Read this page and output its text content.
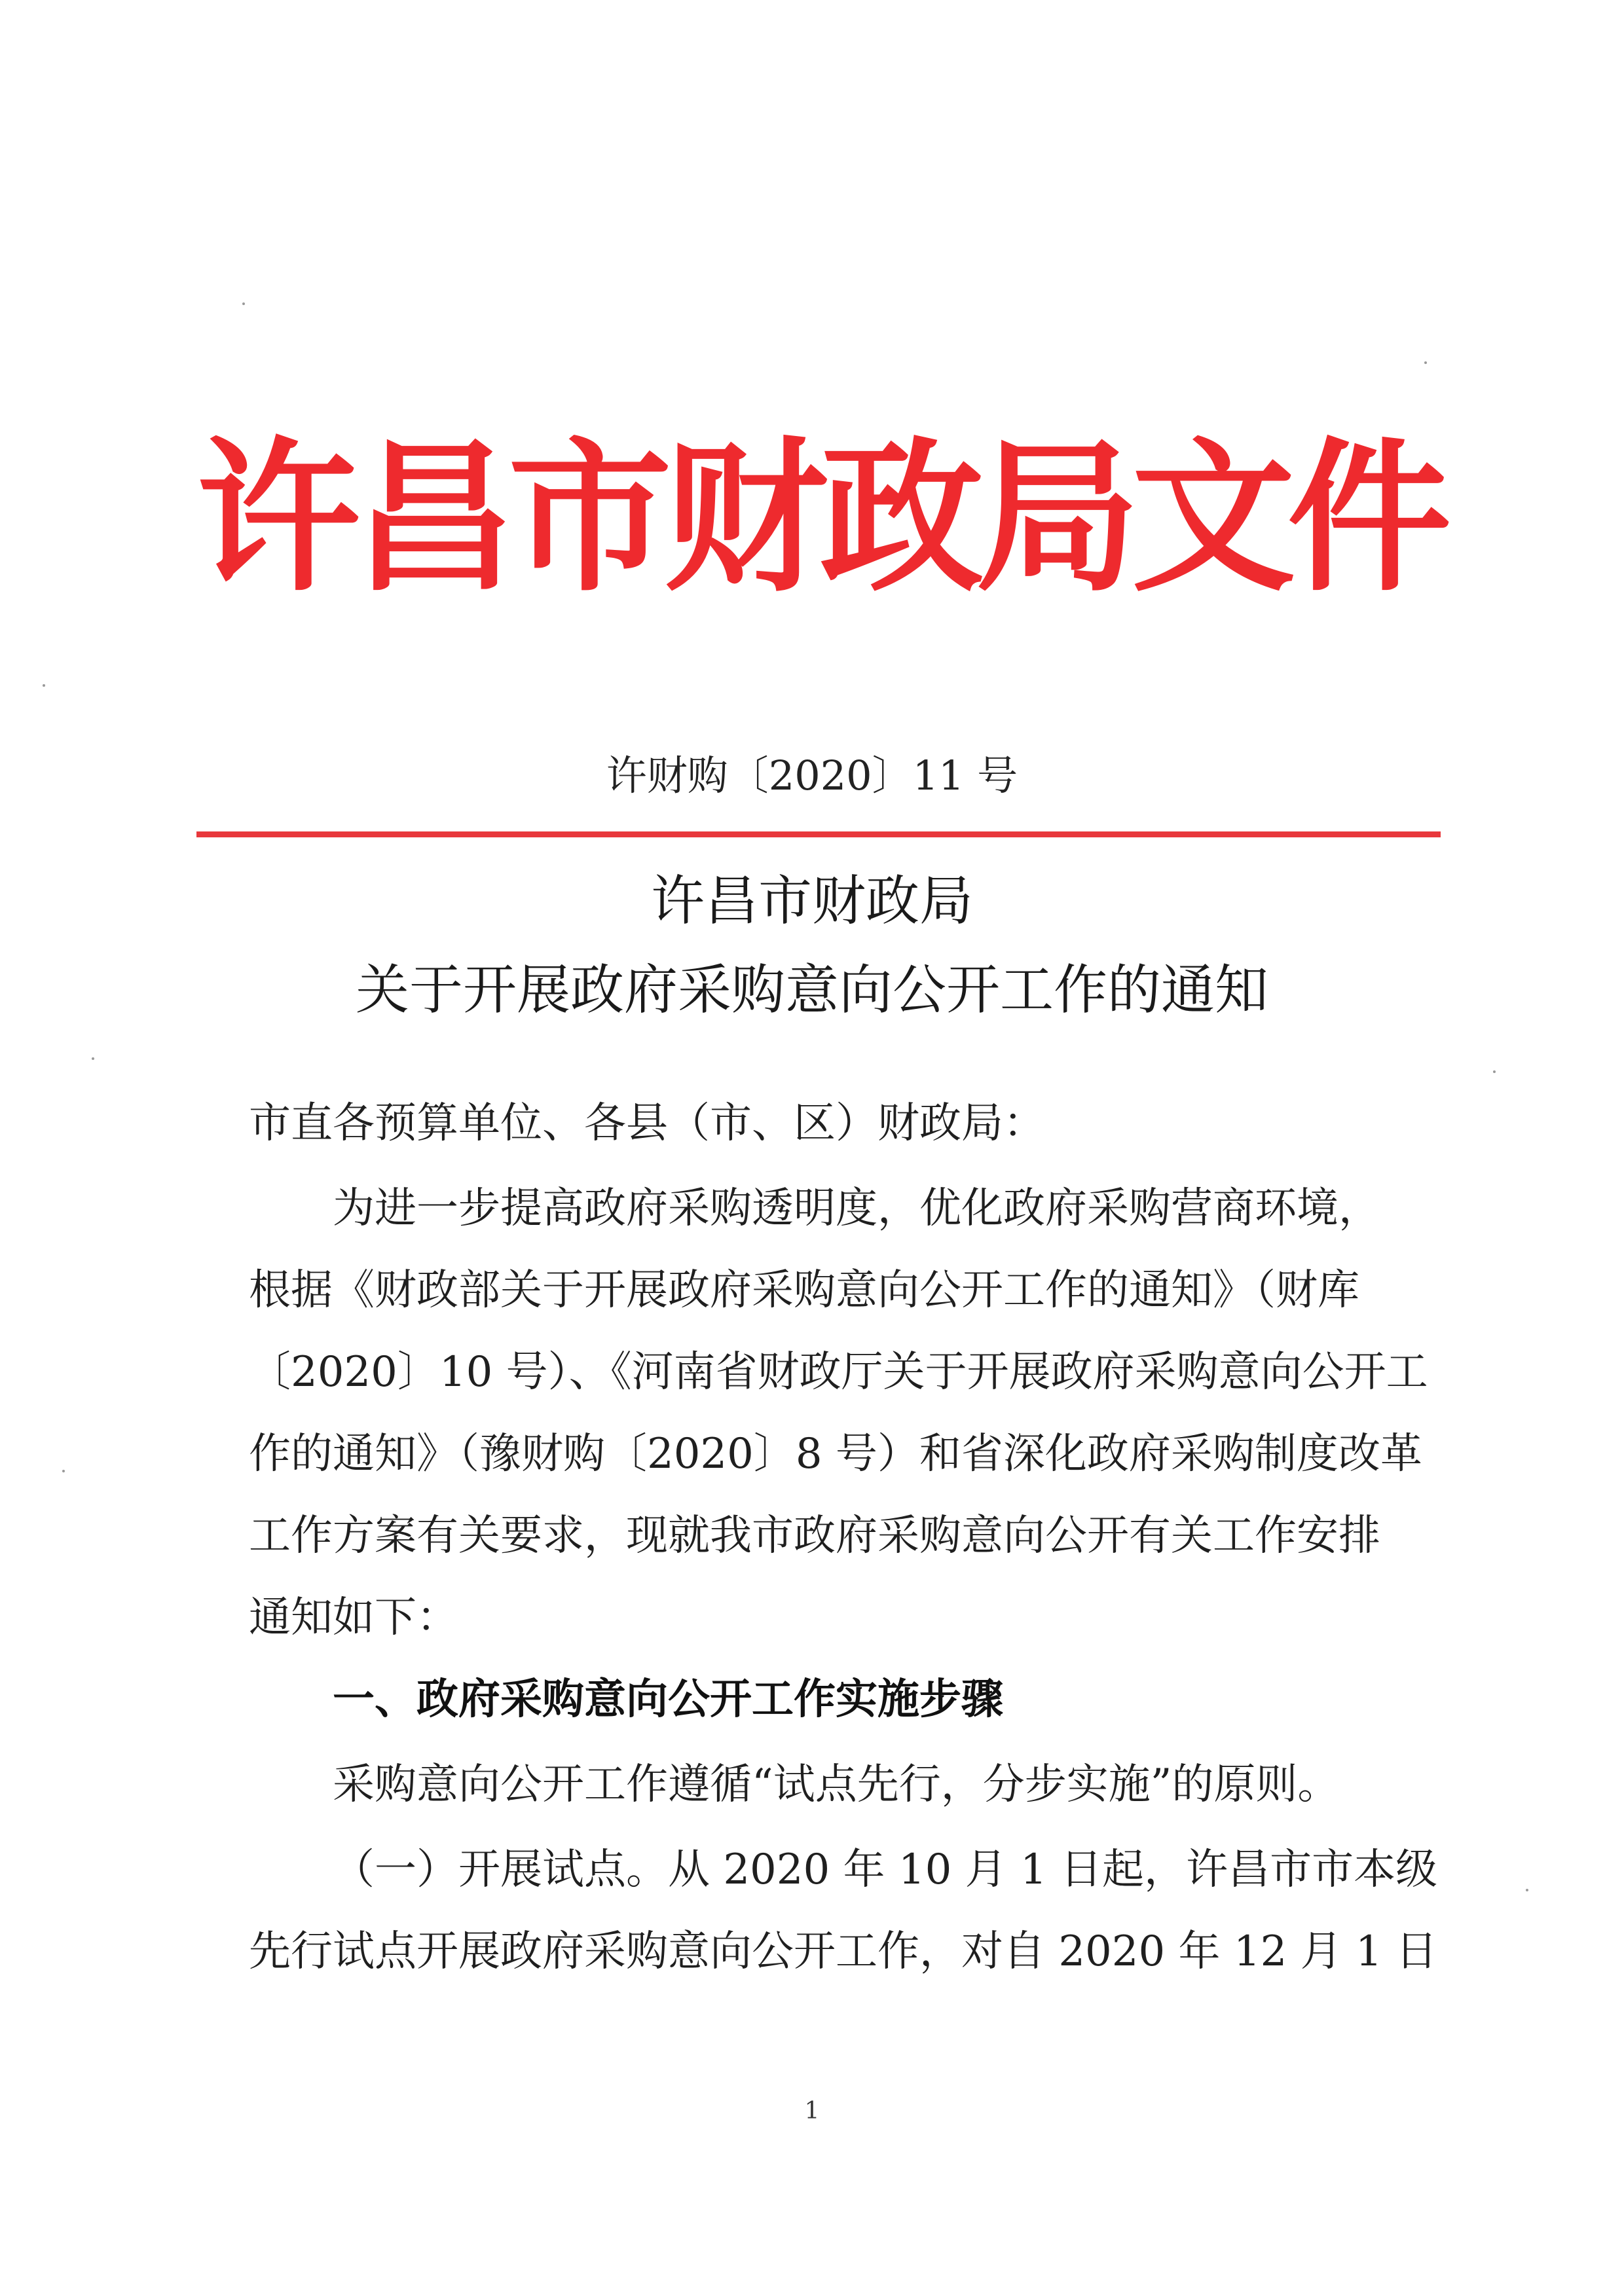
许昌市财政局文件
许财购〔2020〕11 号
许昌市财政局
关于开展政府采购意向公开工作的通知
市直各预算单位、各县（市、区）财政局：
为进一步提高政府采购透明度，优化政府采购营商环境，
根据《财政部关于开展政府采购意向公开工作的通知》（财库
〔2020〕10 号）、《河南省财政厅关于开展政府采购意向公开工
作的通知》（豫财购〔2020〕8 号）和省深化政府采购制度改革
工作方案有关要求，现就我市政府采购意向公开有关工作安排
通知如下：
一、政府采购意向公开工作实施步骤
采购意向公开工作遵循“试点先行，分步实施”的原则。
（一）开展试点。从 2020 年 10 月 1 日起，许昌市市本级
先行试点开展政府采购意向公开工作，对自 2020 年 12 月 1 日
1
